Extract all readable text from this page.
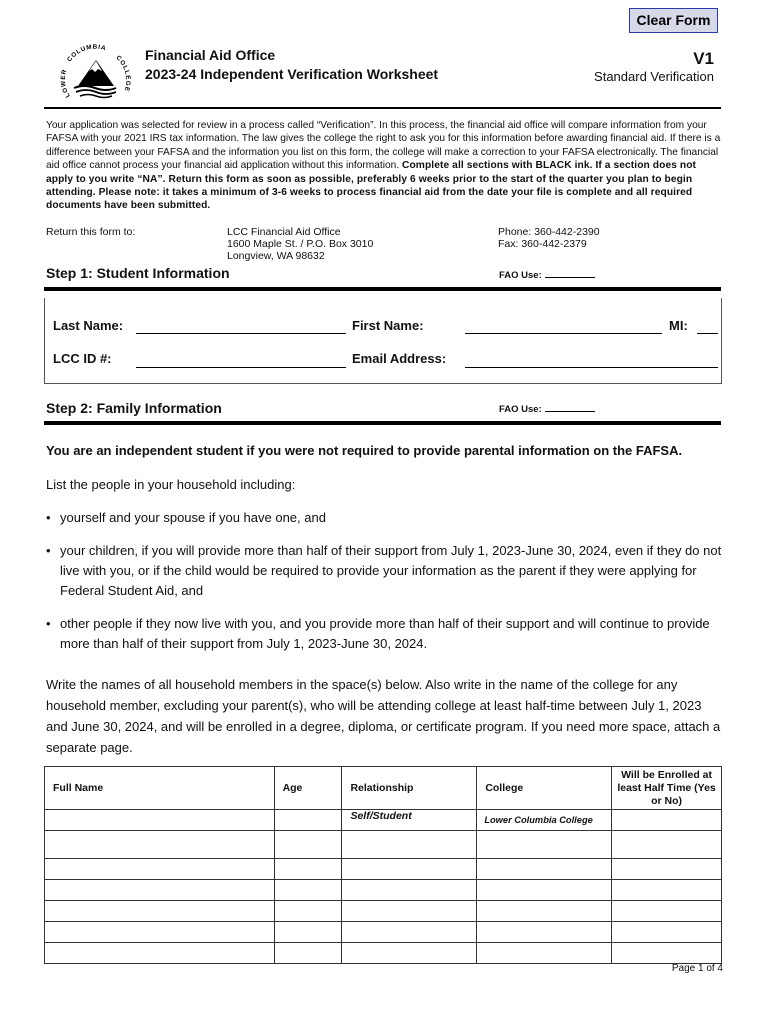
Clear Form
LOWER
COLUMBIA
COLLEGE
Financial Aid Office
2023-24 Independent Verification Worksheet
V1
Standard Verification
Your application was selected for review in a process called “Verification”. In this process, the financial aid office will compare information from your FAFSA with your 2021 IRS tax information. The law gives the college the right to ask you for this information before awarding financial aid. If there is a difference between your FAFSA and the information you list on this form, the college will make a correction to your FAFSA electronically. The financial aid office cannot process your financial aid application without this information. Complete all sections with BLACK ink. If a section does not apply to you write “NA”. Return this form as soon as possible, preferably 6 weeks prior to the start of the quarter you plan to begin attending. Please note: it takes a minimum of 3-6 weeks to process financial aid from the date your file is complete and all required documents have been submitted.
Return this form to:	LCC Financial Aid Office
1600 Maple St. / P.O. Box 3010
Longview, WA 98632
Phone: 360-442-2390
Fax: 360-442-2379
Step 1: Student Information	FAO Use:
Last Name:	First Name:	MI:
LCC ID #:	Email Address:
Step 2: Family Information	FAO Use:
You are an independent student if you were not required to provide parental information on the FAFSA.
List the people in your household including:
• yourself and your spouse if you have one, and
• your children, if you will provide more than half of their support from July 1, 2023-June 30, 2024, even if they do not live with you, or if the child would be required to provide your information as the parent if they were applying for Federal Student Aid, and
• other people if they now live with you, and you provide more than half of their support and will continue to provide more than half of their support from July 1, 2023-June 30, 2024.
Write the names of all household members in the space(s) below. Also write in the name of the college for any household member, excluding your parent(s), who will be attending college at least half-time between July 1, 2023 and June 30, 2024, and will be enrolled in a degree, diploma, or certificate program. If you need more space, attach a separate page.
Full Name	Age	Relationship	College	Will be Enrolled at least Half Time (Yes or No)
		Self/Student	Lower Columbia College	

Page 1 of 4
